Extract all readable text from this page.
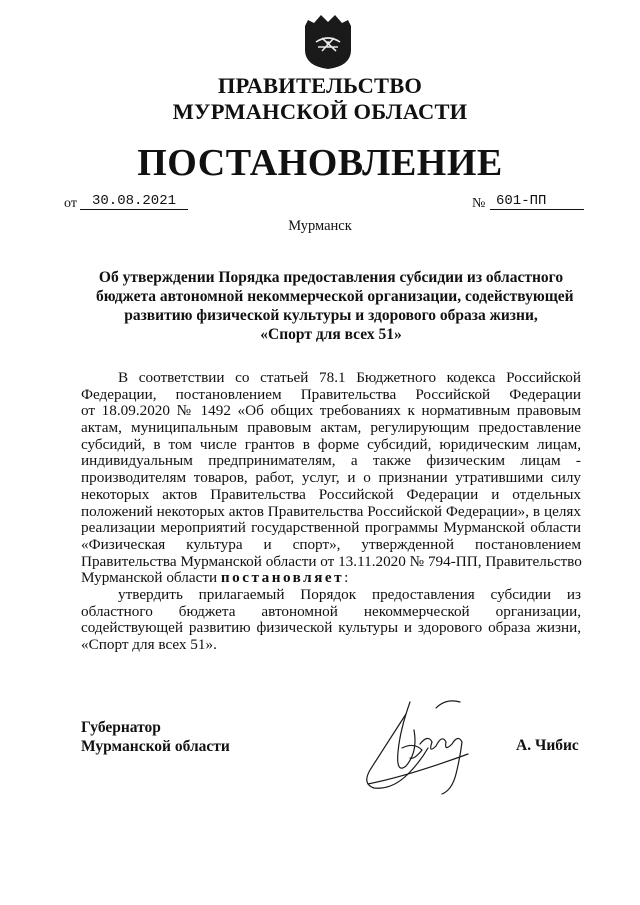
ПРАВИТЕЛЬСТВО
МУРМАНСКОЙ ОБЛАСТИ
ПОСТАНОВЛЕНИЕ
от	30.08.2021	№ 601-ПП
Мурманск
Об утверждении Порядка предоставления субсидии из областного
бюджета автономной некоммерческой организации, содействующей
развитию физической культуры и здорового образа жизни,
«Спорт для всех 51»
В соответствии со статьей 78.1 Бюджетного кодекса Российской
Федерации, постановлением Правительства Российской Федерации
от 18.09.2020 № 1492 «Об общих требованиях к нормативным правовым
актам, муниципальным правовым актам, регулирующим предоставление
субсидий, в том числе грантов в форме субсидий, юридическим лицам,
индивидуальным предпринимателям, а также физическим лицам -
производителям товаров, работ, услуг, и о признании утратившими силу
некоторых актов Правительства Российской Федерации и отдельных
положений некоторых актов Правительства Российской Федерации», в целях
реализации мероприятий государственной программы Мурманской области
«Физическая культура и спорт», утвержденной постановлением
Правительства Мурманской области от 13.11.2020 № 794-ПП, Правительство
Мурманской области постановляет:
утвердить прилагаемый Порядок предоставления субсидии из
областного бюджета автономной некоммерческой организации,
содействующей развитию физической культуры и здорового образа жизни,
«Спорт для всех 51».
Губернатор
Мурманской области	А. Чибис
